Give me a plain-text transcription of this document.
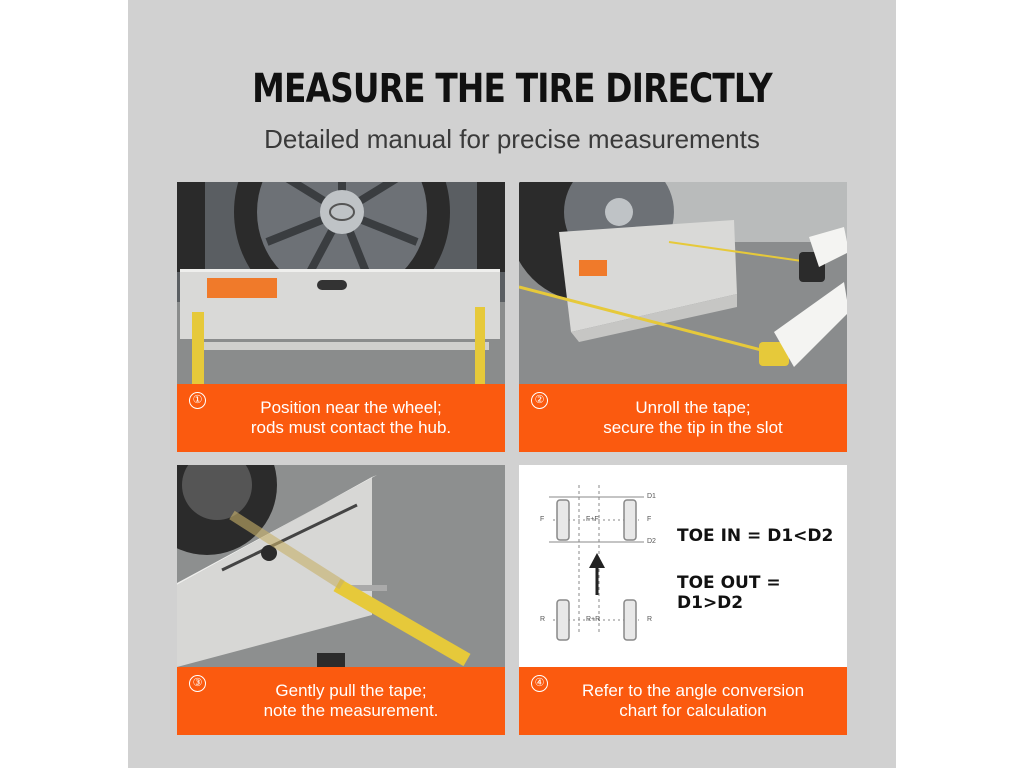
MEASURE THE TIRE DIRECTLY
Detailed manual for precise measurements
①	Position near the wheel;
rods must contact the hub.
②	Unroll the tape;
secure the tip in the slot
③	Gently pull the tape;
note the measurement.
D1
D2
F	F
F+F
R	R
R+R
TOE IN = D1<D2
TOE OUT = D1>D2
④	Refer to the angle conversion
chart for calculation
